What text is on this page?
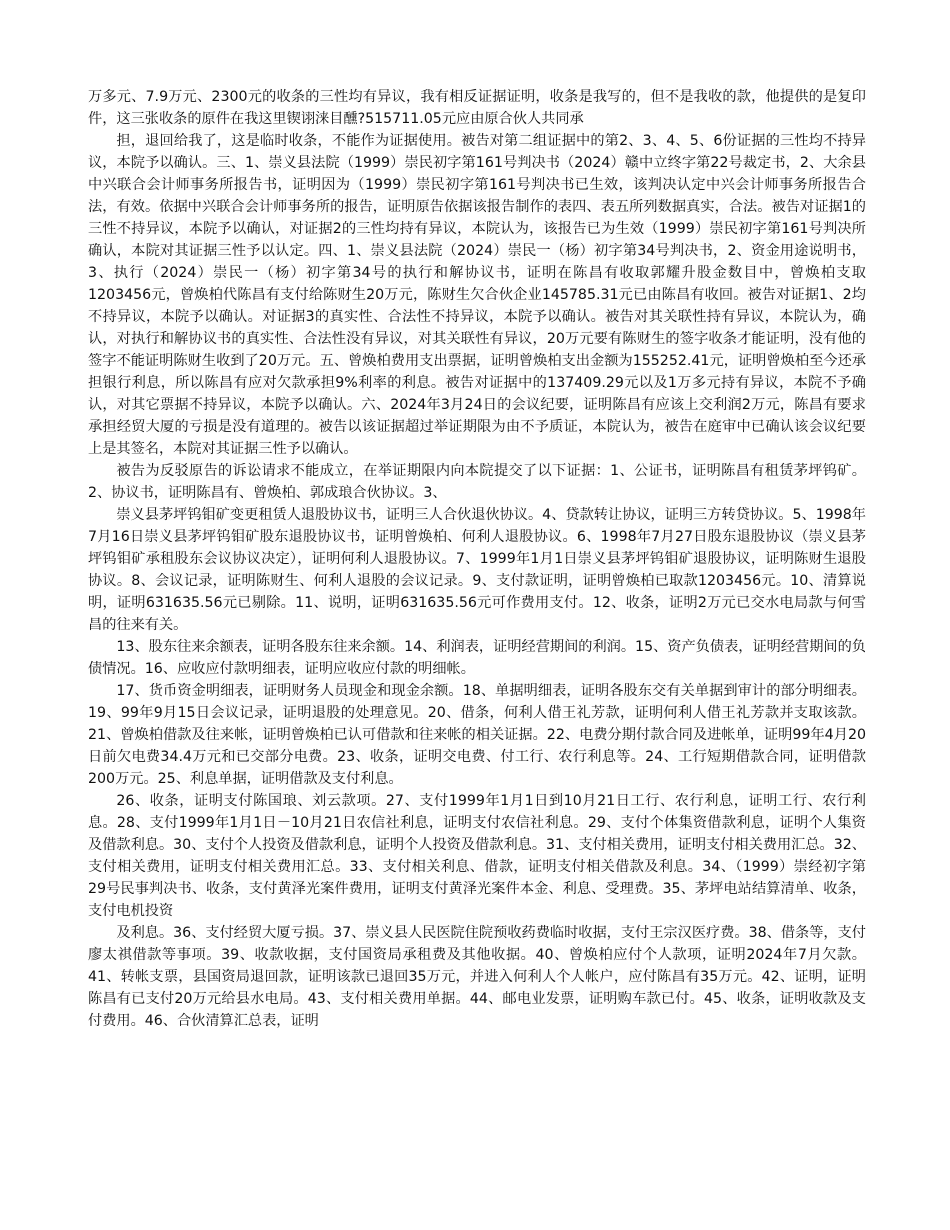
万多元、7.9万元、2300元的收条的三性均有异议，我有相反证据证明，收条是我写的，但不是我收的款，他提供的是复印件，这三张收条的原件在我这里锲诩涞目醺?515711.05元应由原合伙人共同承

担，退回给我了，这是临时收条，不能作为证据使用。被告对第二组证据中的第2、3、4、5、6份证据的三性均不持异议，本院予以确认。三、1、崇义县法院（1999）崇民初字第161号判决书（2024）赣中立终字第22号裁定书，2、大余县中兴联合会计师事务所报告书，证明因为（1999）崇民初字第161号判决书已生效，该判决认定中兴会计师事务所报告合法，有效。依据中兴联合会计师事务所的报告，证明原告依据该报告制作的表四、表五所列数据真实，合法。被告对证据1的三性不持异议，本院予以确认，对证据2的三性均持有异议，本院认为，该报告已为生效（1999）崇民初字第161号判决所确认，本院对其证据三性予以认定。四、1、崇义县法院（2024）崇民一（杨）初字第34号判决书，2、资金用途说明书，3、执行（2024）崇民一（杨）初字第34号的执行和解协议书，证明在陈昌有收取郭耀升股金数目中，曾焕柏支取1203456元，曾焕柏代陈昌有支付给陈财生20万元，陈财生欠合伙企业145785.31元已由陈昌有收回。被告对证据1、2均不持异议，本院予以确认。对证据3的真实性、合法性不持异议，本院予以确认。被告对其关联性持有异议，本院认为，确认，对执行和解协议书的真实性、合法性没有异议，对其关联性有异议，20万元要有陈财生的签字收条才能证明，没有他的签字不能证明陈财生收到了20万元。五、曾焕柏费用支出票据，证明曾焕柏支出金额为155252.41元，证明曾焕柏至今还承担银行利息，所以陈昌有应对欠款承担9%利率的利息。被告对证据中的137409.29元以及1万多元持有异议，本院不予确认，对其它票据不持异议，本院予以确认。六、2024年3月24日的会议纪要，证明陈昌有应该上交利润2万元，陈昌有要求承担经贸大厦的亏损是没有道理的。被告以该证据超过举证期限为由不予质证，本院认为，被告在庭审中已确认该会议纪要上是其签名，本院对其证据三性予以确认。

被告为反驳原告的诉讼请求不能成立，在举证期限内向本院提交了以下证据：1、公证书，证明陈昌有租赁茅坪钨矿。2、协议书，证明陈昌有、曾焕柏、郭成琅合伙协议。3、

崇义县茅坪钨钼矿变更租赁人退股协议书，证明三人合伙退伙协议。4、贷款转让协议，证明三方转贷协议。5、1998年7月16日崇义县茅坪钨钼矿股东退股协议书，证明曾焕柏、何利人退股协议。6、1998年7月27日股东退股协议（崇义县茅坪钨钼矿承租股东会议协议决定），证明何利人退股协议。7、1999年1月1日崇义县茅坪钨钼矿退股协议，证明陈财生退股协议。8、会议记录，证明陈财生、何利人退股的会议记录。9、支付款证明，证明曾焕柏已取款1203456元。10、清算说明，证明631635.56元已剔除。11、说明，证明631635.56元可作费用支付。12、收条，证明2万元已交水电局款与何雪昌的往来有关。

13、股东往来余额表，证明各股东往来余额。14、利润表，证明经营期间的利润。15、资产负债表，证明经营期间的负债情况。16、应收应付款明细表，证明应收应付款的明细帐。

17、货币资金明细表，证明财务人员现金和现金余额。18、单据明细表，证明各股东交有关单据到审计的部分明细表。19、99年9月15日会议记录，证明退股的处理意见。20、借条，何利人借王礼芳款，证明何利人借王礼芳款并支取该款。21、曾焕柏借款及往来帐，证明曾焕柏已认可借款和往来帐的相关证据。22、电费分期付款合同及进帐单，证明99年4月20日前欠电费34.4万元和已交部分电费。23、收条，证明交电费、付工行、农行利息等。24、工行短期借款合同，证明借款200万元。25、利息单据，证明借款及支付利息。

26、收条，证明支付陈国琅、刘云款项。27、支付1999年1月1日到10月21日工行、农行利息，证明工行、农行利息。28、支付1999年1月1日－10月21日农信社利息，证明支付农信社利息。29、支付个体集资借款利息，证明个人集资及借款利息。30、支付个人投资及借款利息，证明个人投资及借款利息。31、支付相关费用，证明支付相关费用汇总。32、支付相关费用，证明支付相关费用汇总。33、支付相关利息、借款，证明支付相关借款及利息。34、（1999）崇经初字第29号民事判决书、收条，支付黄泽光案件费用，证明支付黄泽光案件本金、利息、受理费。35、茅坪电站结算清单、收条，支付电机投资

及利息。36、支付经贸大厦亏损。37、崇义县人民医院住院预收药费临时收据，支付王宗汉医疗费。38、借条等，支付廖太祺借款等事项。39、收款收据，支付国资局承租费及其他收据。40、曾焕柏应付个人款项，证明2024年7月欠款。41、转帐支票，县国资局退回款，证明该款已退回35万元，并进入何利人个人帐户，应付陈昌有35万元。42、证明，证明陈昌有已支付20万元给县水电局。43、支付相关费用单据。44、邮电业发票，证明购车款已付。45、收条，证明收款及支付费用。46、合伙清算汇总表，证明
